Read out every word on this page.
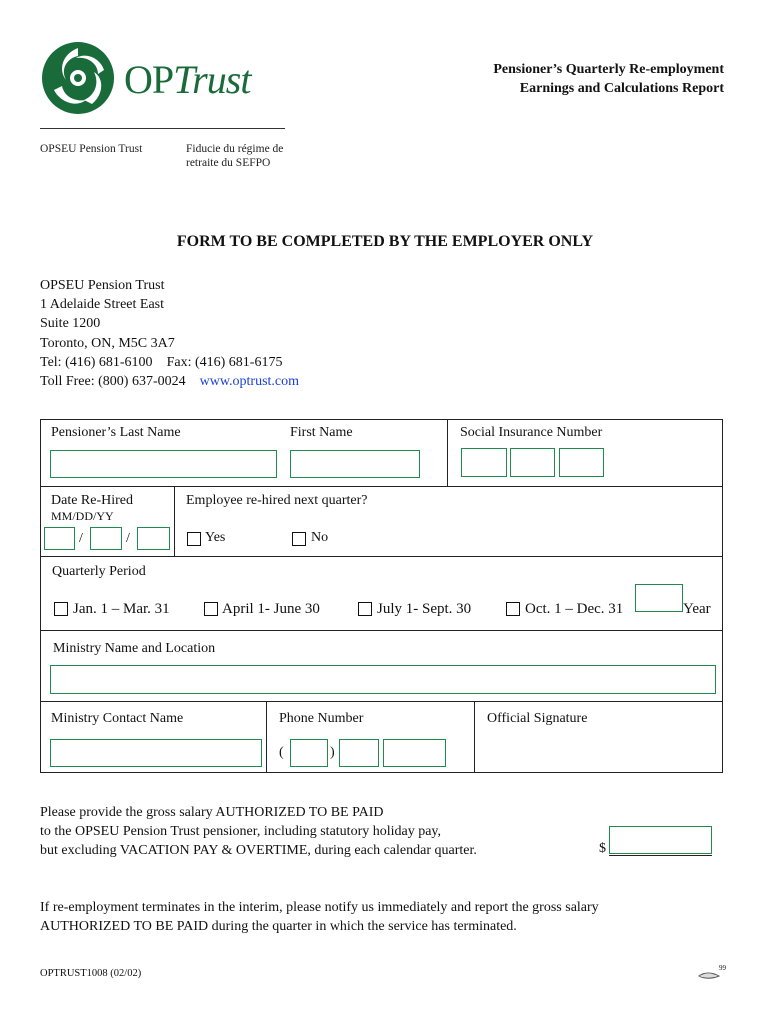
OPTrust
OPSEU Pension Trust	Fiducie du régime de
retraite du SEFPO
Pensioner’s Quarterly Re-employment
Earnings and Calculations Report
FORM TO BE COMPLETED BY THE EMPLOYER ONLY
OPSEU Pension Trust
1 Adelaide Street East
Suite 1200
Toronto, ON, M5C 3A7
Tel: (416) 681-6100 Fax: (416) 681-6175
Toll Free: (800) 637-0024 www.optrust.com
Pensioner’s Last Name	First Name	Social Insurance Number
Date Re-Hired
MM/DD/YY
/	/
Employee re-hired next quarter?
Yes	No
Quarterly Period
Jan. 1 – Mar. 31	April 1- June 30	July 1- Sept. 30	Oct. 1 – Dec. 31	Year
Ministry Name and Location
Ministry Contact Name	Phone Number	Official Signature
(	)
Please provide the gross salary AUTHORIZED TO BE PAID
to the OPSEU Pension Trust pensioner, including statutory holiday pay,
but excluding VACATION PAY & OVERTIME, during each calendar quarter.	$
If re-employment terminates in the interim, please notify us immediately and report the gross salary
AUTHORIZED TO BE PAID during the quarter in which the service has terminated.
OPTRUST1008 (02/02)	99
